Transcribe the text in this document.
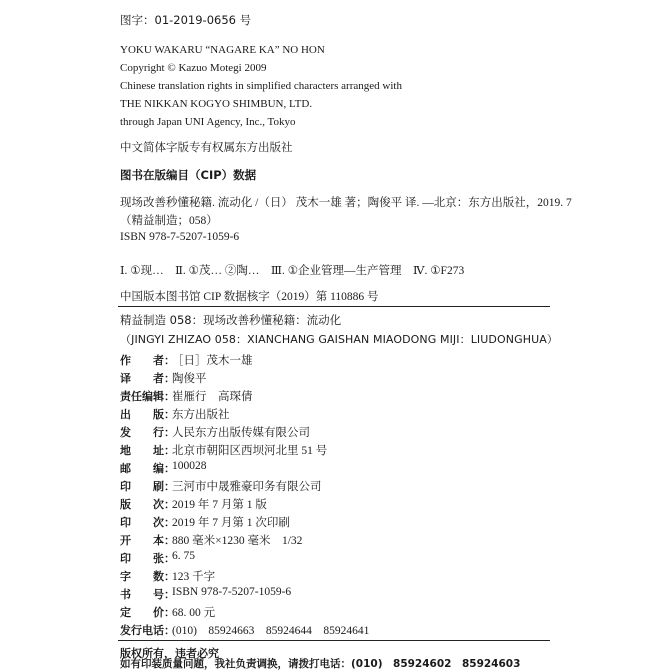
图字：01-2019-0656 号
YOKU WAKARU “NAGARE KA” NO HON
Copyright © Kazuo Motegi 2009
Chinese translation rights in simplified characters arranged with
THE NIKKAN KOGYO SHIMBUN, LTD.
through Japan UNI Agency, Inc., Tokyo
中文简体字版专有权属东方出版社
图书在版编目（CIP）数据
现场改善秒懂秘籍. 流动化 /（日） 茂木一雄 著；陶俊平 译. —北京：东方出版社，2019. 7
（精益制造；058）
ISBN 978-7-5207-1059-6
Ⅰ. ①现…　Ⅱ. ①茂… ②陶…　Ⅲ. ①企业管理—生产管理　Ⅳ. ①F273
中国版本图书馆 CIP 数据核字（2019）第 110886 号
精益制造 058：现场改善秒懂秘籍：流动化
（JINGYI ZHIZAO 058：XIANCHANG GAISHAN MIAODONG MIJI：LIUDONGHUA）
作　　者：
［日］茂木一雄
译　　者：
陶俊平
责任编辑：
崔雁行　高琛倩
出　　版：
东方出版社
发　　行：
人民东方出版传媒有限公司
地　　址：
北京市朝阳区西坝河北里 51 号
邮　　编：
100028
印　　刷：
三河市中晟雅豪印务有限公司
版　　次：
2019 年 7 月第 1 版
印　　次：
2019 年 7 月第 1 次印刷
开　　本：
880 毫米×1230 毫米　1/32
印　　张：
6. 75
字　　数：
123 千字
书　　号：
ISBN 978-7-5207-1059-6
定　　价：
68. 00 元
发行电话：
(010)　85924663　85924644　85924641
版权所有，违者必究
如有印装质量问题，我社负责调换，请拨打电话：(010)　85924602　85924603
